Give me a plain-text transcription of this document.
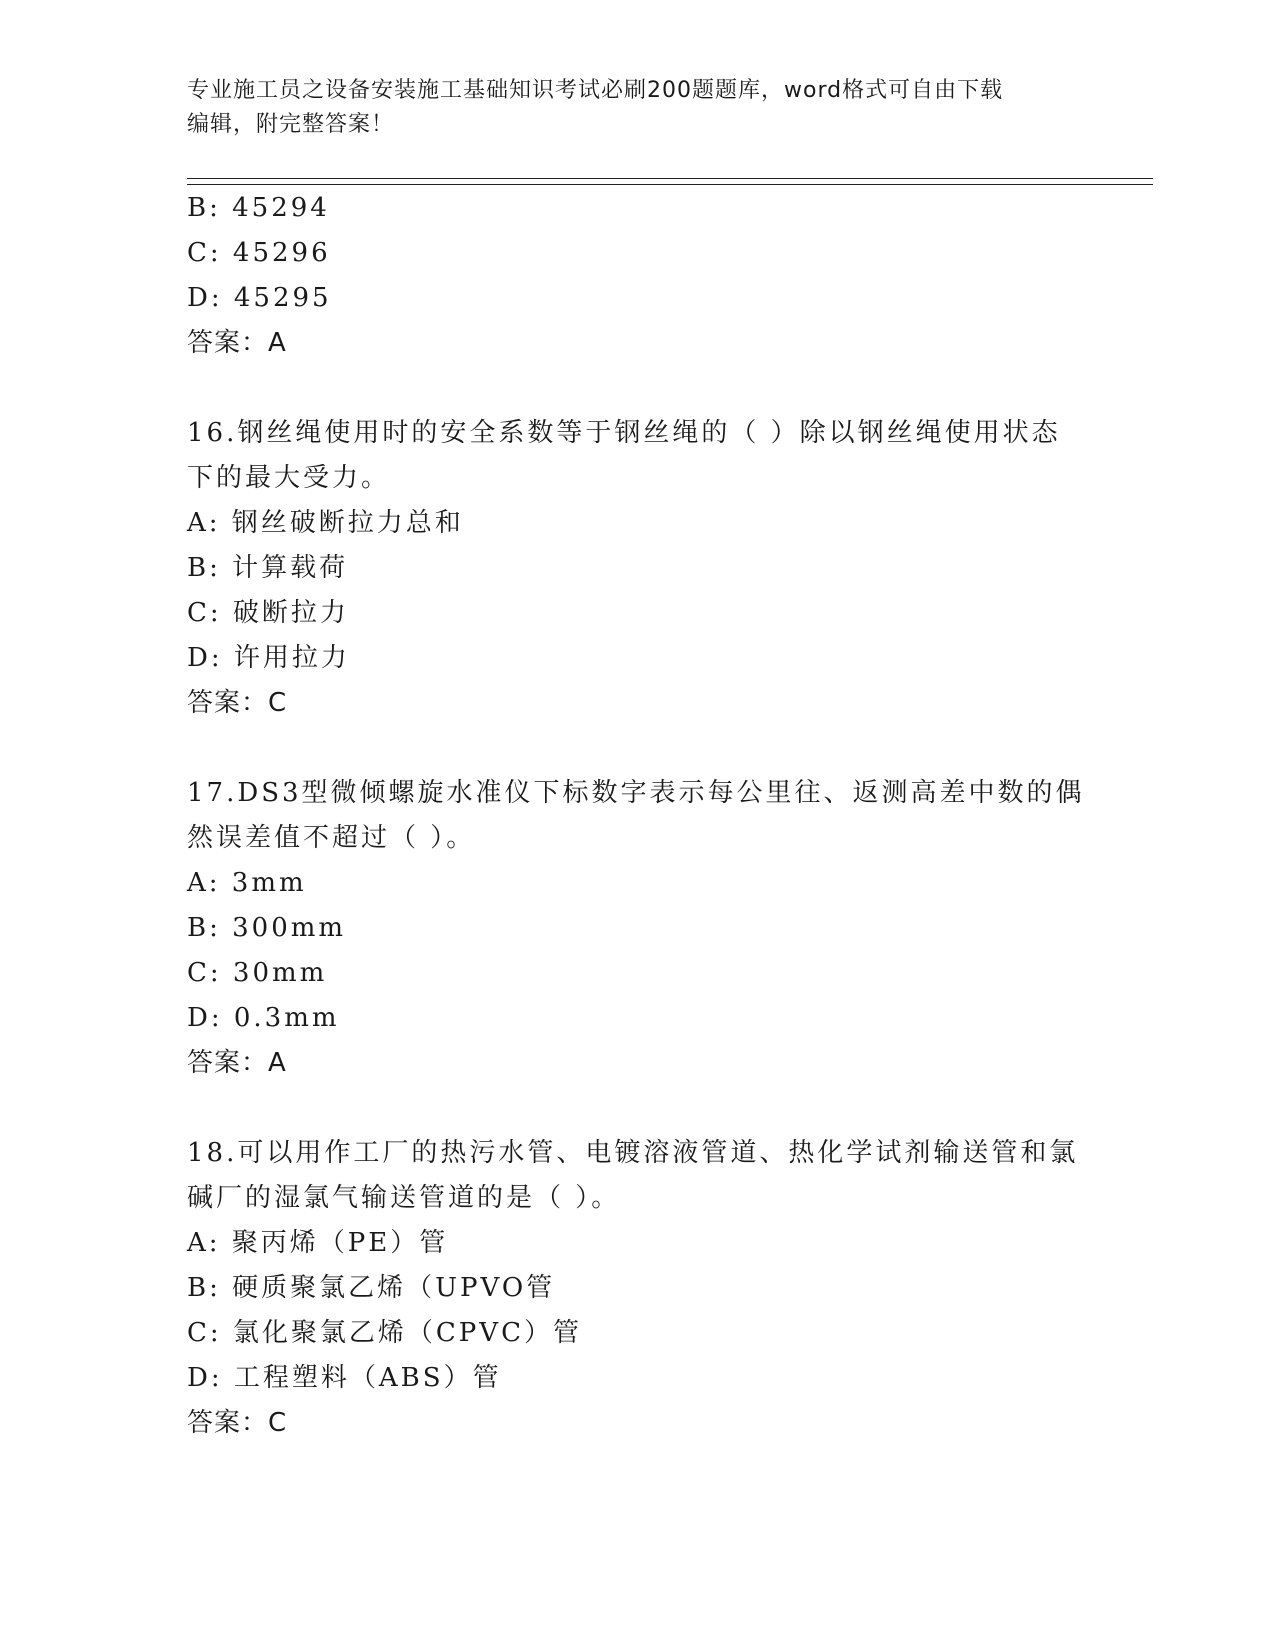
专业施工员之设备安装施工基础知识考试必刷200题题库，word格式可自由下载
编辑，附完整答案！
B: 45294
C: 45296
D: 45295
答案：A
16.钢丝绳使用时的安全系数等于钢丝绳的（ ）除以钢丝绳使用状态
下的最大受力。
A: 钢丝破断拉力总和
B: 计算载荷
C: 破断拉力
D: 许用拉力
答案：C
17.DS3型微倾螺旋水准仪下标数字表示每公里往、返测高差中数的偶
然误差值不超过（ ）。
A: 3mm
B: 300mm
C: 30mm
D: 0.3mm
答案：A
18.可以用作工厂的热污水管、电镀溶液管道、热化学试剂输送管和氯
碱厂的湿氯气输送管道的是（ ）。
A: 聚丙烯（PE）管
B: 硬质聚氯乙烯（UPVO管
C: 氯化聚氯乙烯（CPVC）管
D: 工程塑料（ABS）管
答案：C
